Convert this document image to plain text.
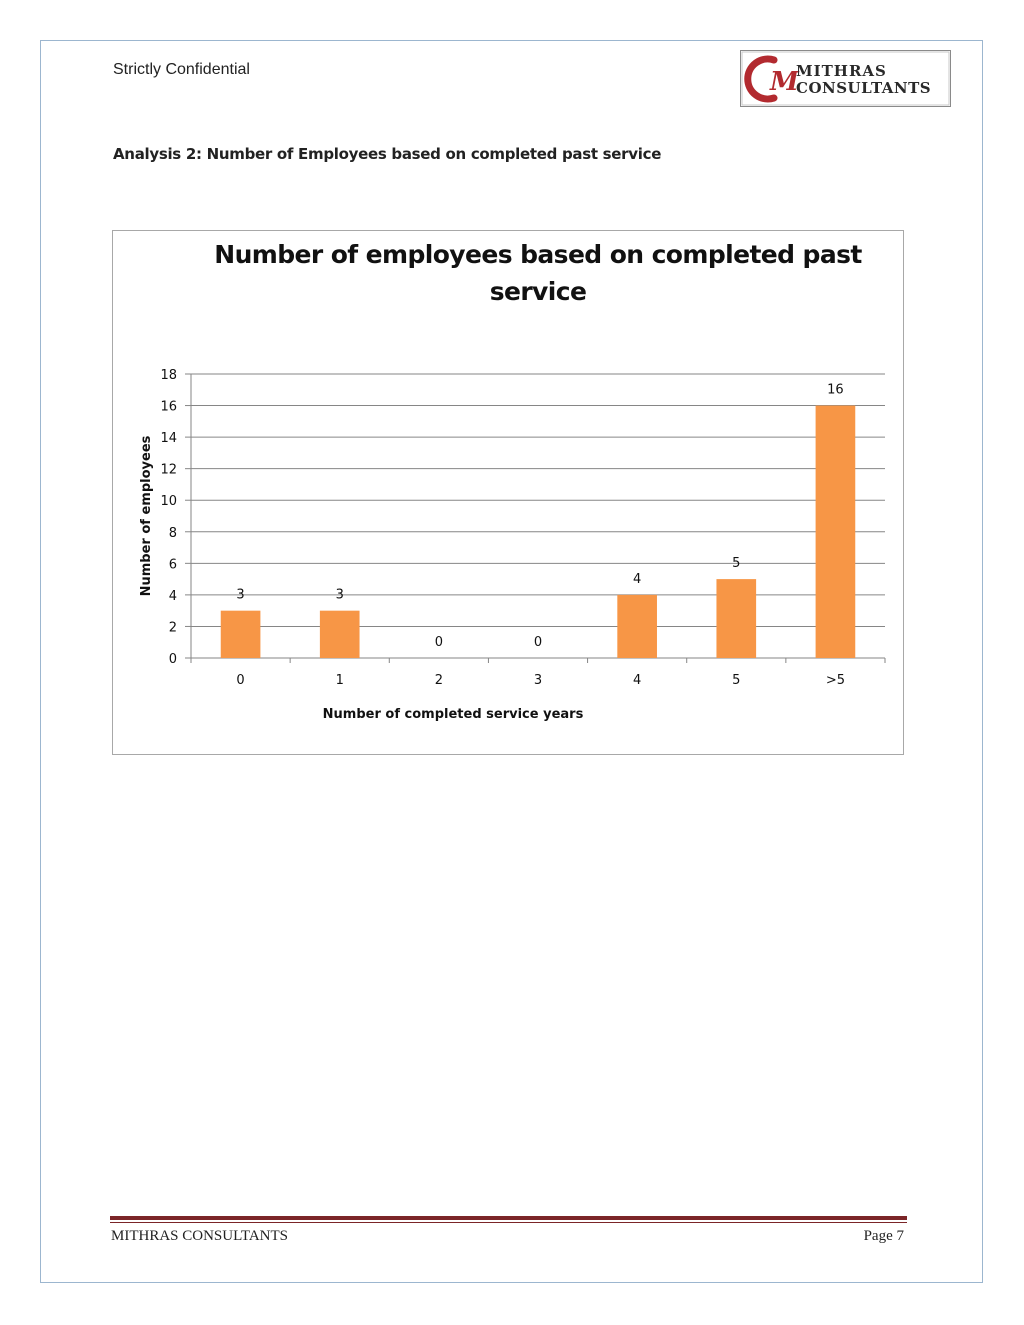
Strictly Confidential	M
MITHRAS
CONSULTANTS
Analysis 2: Number of Employees based on completed past service
Number of employees based on completed past
service
0
2
4
6
8
10
12
14
16
18
3	3
0	0
4
5
16
0	1	2	3	4	5	>5
Number of employees
Number of completed service years
MITHRAS CONSULTANTS	Page 7
